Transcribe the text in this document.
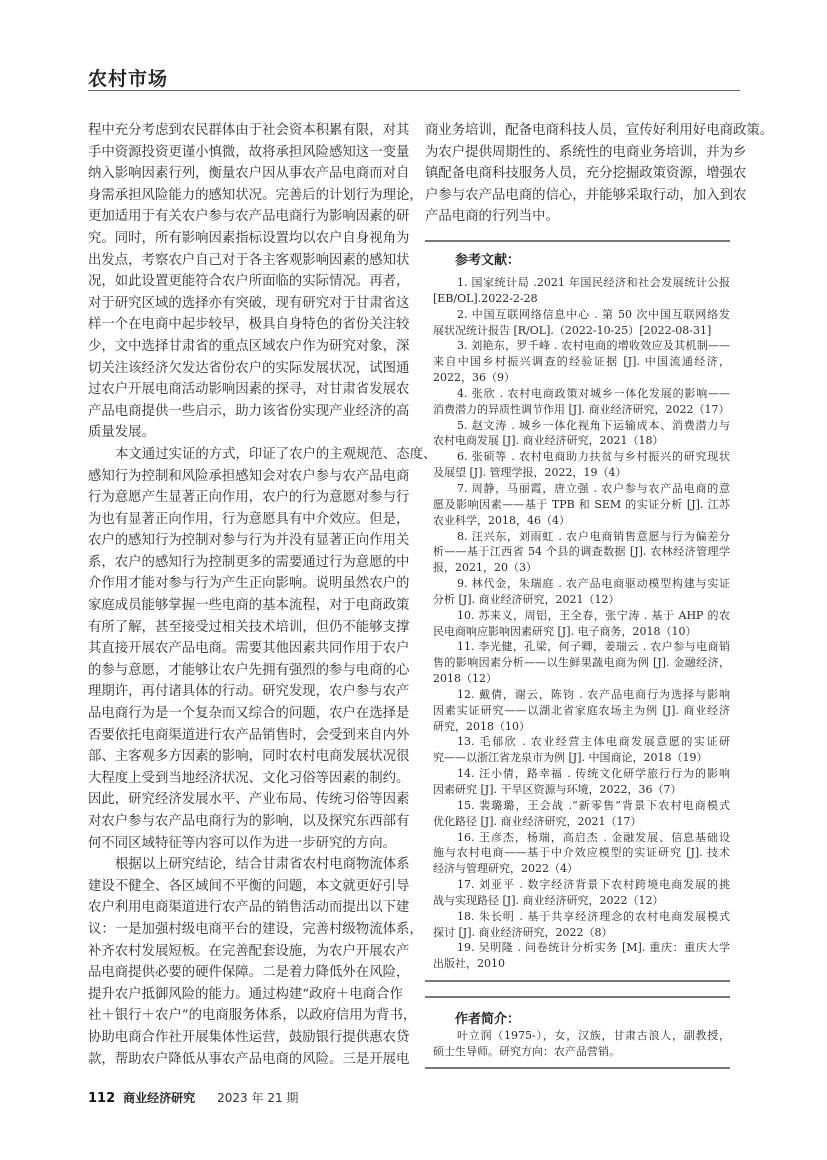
农村市场
程中充分考虑到农民群体由于社会资本积累有限，对其
手中资源投资更谨小慎微，故将承担风险感知这一变量
纳入影响因素行列，衡量农户因从事农产品电商而对自
身需承担风险能力的感知状况。完善后的计划行为理论，
更加适用于有关农户参与农产品电商行为影响因素的研
究。同时，所有影响因素指标设置均以农户自身视角为
出发点，考察农户自己对于各主客观影响因素的感知状
况，如此设置更能符合农户所面临的实际情况。再者，
对于研究区域的选择亦有突破，现有研究对于甘肃省这
样一个在电商中起步较早，极具自身特色的省份关注较
少，文中选择甘肃省的重点区域农户作为研究对象，深
切关注该经济欠发达省份农户的实际发展状况，试图通
过农户开展电商活动影响因素的探寻，对甘肃省发展农
产品电商提供一些启示，助力该省份实现产业经济的高
质量发展。
本文通过实证的方式，印证了农户的主观规范、态度、
感知行为控制和风险承担感知会对农户参与农产品电商
行为意愿产生显著正向作用，农户的行为意愿对参与行
为也有显著正向作用，行为意愿具有中介效应。但是，
农户的感知行为控制对参与行为并没有显著正向作用关
系，农户的感知行为控制更多的需要通过行为意愿的中
介作用才能对参与行为产生正向影响。说明虽然农户的
家庭成员能够掌握一些电商的基本流程，对于电商政策
有所了解，甚至接受过相关技术培训，但仍不能够支撑
其直接开展农产品电商。需要其他因素共同作用于农户
的参与意愿，才能够让农户先拥有强烈的参与电商的心
理期许，再付诸具体的行动。研究发现，农户参与农产
品电商行为是一个复杂而又综合的问题，农户在选择是
否要依托电商渠道进行农产品销售时，会受到来自内外
部、主客观多方因素的影响，同时农村电商发展状况很
大程度上受到当地经济状况、文化习俗等因素的制约。
因此，研究经济发展水平、产业布局、传统习俗等因素
对农户参与农产品电商行为的影响，以及探究东西部有
何不同区域特征等内容可以作为进一步研究的方向。
根据以上研究结论，结合甘肃省农村电商物流体系
建设不健全、各区域间不平衡的问题，本文就更好引导
农户利用电商渠道进行农产品的销售活动而提出以下建
议：一是加强村级电商平台的建设，完善村级物流体系，
补齐农村发展短板。在完善配套设施，为农户开展农产
品电商提供必要的硬件保障。二是着力降低外在风险，
提升农户抵御风险的能力。通过构建“政府＋电商合作
社＋银行＋农户”的电商服务体系，以政府信用为背书，
协助电商合作社开展集体性运营，鼓励银行提供惠农贷
款，帮助农户降低从事农产品电商的风险。三是开展电
商业务培训，配备电商科技人员，宣传好利用好电商政策。
为农户提供周期性的、系统性的电商业务培训，并为乡
镇配备电商科技服务人员，充分挖掘政策资源，增强农
户参与农产品电商的信心，并能够采取行动，加入到农
产品电商的行列当中。
参考文献：
1. 国家统计局 .2021 年国民经济和社会发展统计公报
[EB/OL].2022-2-28
2. 中国互联网络信息中心 . 第 50 次中国互联网络发
展状况统计报告 [R/OL].（2022-10-25）[2022-08-31]
3. 刘艳东，罗千峰 . 农村电商的增收效应及其机制——
来自中国乡村振兴调查的经验证据 [J]. 中国流通经济，
2022，36（9）
4. 张欣 . 农村电商政策对城乡一体化发展的影响——
消费潜力的异质性调节作用 [J]. 商业经济研究，2022（17）
5. 赵文涛 . 城乡一体化视角下运输成本、消费潜力与
农村电商发展 [J]. 商业经济研究，2021（18）
6. 张硕等 . 农村电商助力扶贫与乡村振兴的研究现状
及展望 [J]. 管理学报，2022，19（4）
7. 周静，马丽霞，唐立强 . 农户参与农产品电商的意
愿及影响因素——基于 TPB 和 SEM 的实证分析 [J]. 江苏
农业科学，2018，46（4）
8. 汪兴东，刘雨虹 . 农户电商销售意愿与行为偏差分
析——基于江西省 54 个县的调查数据 [J]. 农林经济管理学
报，2021，20（3）
9. 林代金，朱瑞庭 . 农产品电商驱动模型构建与实证
分析 [J]. 商业经济研究，2021（12）
10. 苏来义，周铝，王全春，张宁涛 . 基于 AHP 的农
民电商响应影响因素研究 [J]. 电子商务，2018（10）
11. 李光健，孔梁，何子卿，姜瑞云 . 农户参与电商销
售的影响因素分析——以生鲜果蔬电商为例 [J]. 金融经济，
2018（12）
12. 戴倩，谢云，陈钧 . 农产品电商行为选择与影响
因素实证研究——以湖北省家庭农场主为例 [J]. 商业经济
研究，2018（10）
13. 毛郁欣 . 农业经营主体电商发展意愿的实证研
究——以浙江省龙泉市为例 [J]. 中国商论，2018（19）
14. 汪小倩，路幸福 . 传统文化研学旅行行为的影响
因素研究 [J]. 干旱区资源与环境，2022，36（7）
15. 裴璐璐，王会战 .“新零售”背景下农村电商模式
优化路径 [J]. 商业经济研究，2021（17）
16. 王彦杰，杨瑞，高启杰 . 金融发展、信息基础设
施与农村电商——基于中介效应模型的实证研究 [J]. 技术
经济与管理研究，2022（4）
17. 刘亚平 . 数字经济背景下农村跨境电商发展的挑
战与实现路径 [J]. 商业经济研究，2022（12）
18. 朱长明 . 基于共享经济理念的农村电商发展模式
探讨 [J]. 商业经济研究，2022（8）
19. 吴明隆 . 问卷统计分析实务 [M]. 重庆：重庆大学
出版社，2010
作者简介：
叶立润（1975-），女，汉族，甘肃古浪人，副教授，
硕士生导师。研究方向：农产品营销。
112 商业经济研究 2023 年 21 期
